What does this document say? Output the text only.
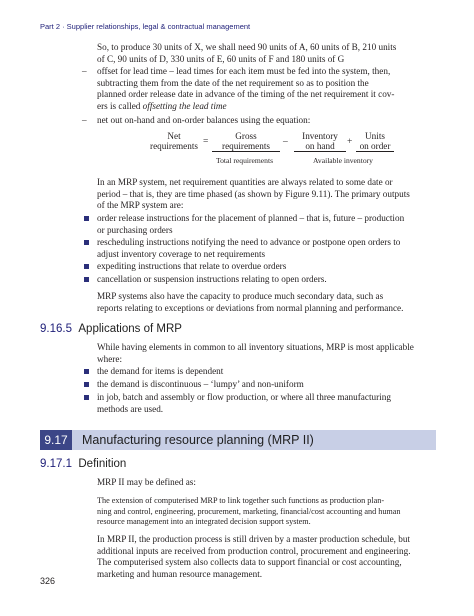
Part 2 · Supplier relationships, legal & contractual management
So, to produce 30 units of X, we shall need 90 units of A, 60 units of B, 210 units
of C, 90 units of D, 330 units of E, 60 units of F and 180 units of G
– offset for lead time – lead times for each item must be fed into the system, then,
subtracting them from the date of the net requirement so as to position the
planned order release date in advance of the timing of the net requirement it cov-
ers is called offsetting the lead time
– net out on-hand and on-order balances using the equation:
Net
requirements =
Gross
requirements	–
Inventory
on hand	+
Units
on order
Total requirements	Available inventory
In an MRP system, net requirement quantities are always related to some date or
period – that is, they are time phased (as shown by Figure 9.11). The primary outputs
of the MRP system are:
order release instructions for the placement of planned – that is, future – production
or purchasing orders
rescheduling instructions notifying the need to advance or postpone open orders to
adjust inventory coverage to net requirements
expediting instructions that relate to overdue orders
cancellation or suspension instructions relating to open orders.
MRP systems also have the capacity to produce much secondary data, such as
reports relating to exceptions or deviations from normal planning and performance.
9.16.5 Applications of MRP
While having elements in common to all inventory situations, MRP is most applicable
where:
the demand for items is dependent
the demand is discontinuous – ‘lumpy’ and non-uniform
in job, batch and assembly or flow production, or where all three manufacturing
methods are used.
9.17	Manufacturing resource planning (MRP II)
9.17.1 Definition
MRP II may be defined as:
The extension of computerised MRP to link together such functions as production plan-
ning and control, engineering, procurement, marketing, financial/cost accounting and human
resource management into an integrated decision support system.
In MRP II, the production process is still driven by a master production schedule, but
additional inputs are received from production control, procurement and engineering.
The computerised system also collects data to support financial or cost accounting,
marketing and human resource management.
326
